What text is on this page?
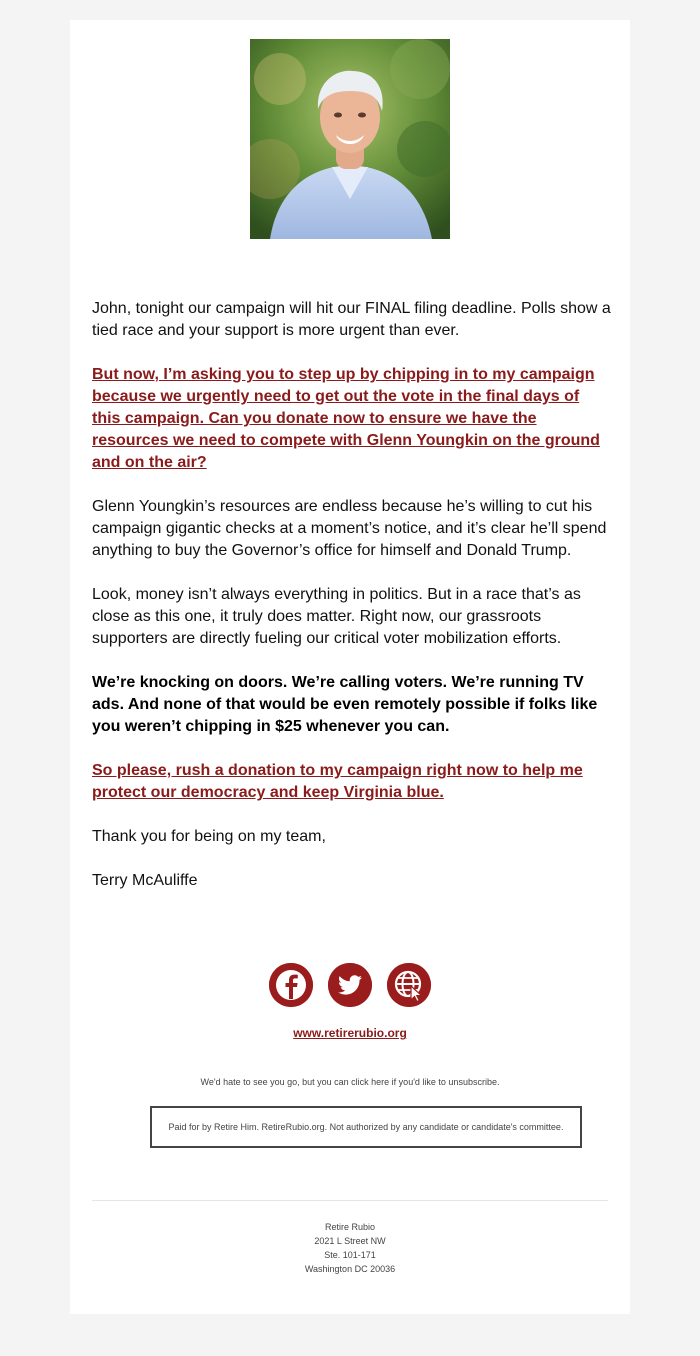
John, tonight our campaign will hit our FINAL filing deadline. Polls show a tied race and your support is more urgent than ever.

But now, I’m asking you to step up by chipping in to my campaign because we urgently need to get out the vote in the final days of this campaign. Can you donate now to ensure we have the resources we need to compete with Glenn Youngkin on the ground and on the air?

Glenn Youngkin’s resources are endless because he’s willing to cut his campaign gigantic checks at a moment’s notice, and it’s clear he’ll spend anything to buy the Governor’s office for himself and Donald Trump.

Look, money isn’t always everything in politics. But in a race that’s as close as this one, it truly does matter. Right now, our grassroots supporters are directly fueling our critical voter mobilization efforts.

We’re knocking on doors. We’re calling voters. We’re running TV ads. And none of that would be even remotely possible if folks like you weren’t chipping in $25 whenever you can.

So please, rush a donation to my campaign right now to help me protect our democracy and keep Virginia blue.

Thank you for being on my team,

Terry McAuliffe

www.retirerubio.org
We'd hate to see you go, but you can click here if you'd like to unsubscribe.
Paid for by Retire Him. RetireRubio.org. Not authorized by any candidate or candidate's committee.
Retire Rubio
2021 L Street NW
Ste. 101-171
Washington DC 20036
